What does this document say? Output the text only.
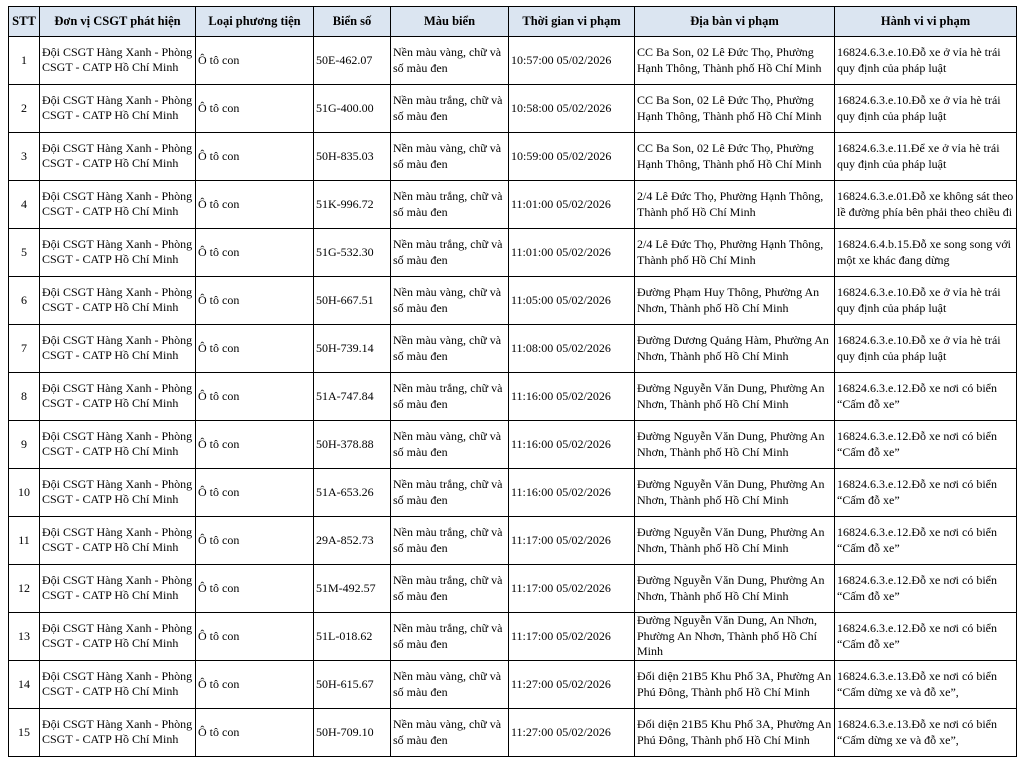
STT	Đơn vị CSGT phát hiện	Loại phương tiện	Biển số	Màu biển	Thời gian vi phạm	Địa bàn vi phạm	Hành vi vi phạm
1	Đội CSGT Hàng Xanh - Phòng CSGT - CATP Hồ Chí Minh	Ô tô con	50E-462.07	Nền màu vàng, chữ và số màu đen	10:57:00 05/02/2026	CC Ba Son, 02 Lê Đức Thọ, Phường Hạnh Thông, Thành phố Hồ Chí Minh	16824.6.3.e.10.Đỗ xe ở vỉa hè trái quy định của pháp luật
2	Đội CSGT Hàng Xanh - Phòng CSGT - CATP Hồ Chí Minh	Ô tô con	51G-400.00	Nền màu trắng, chữ và số màu đen	10:58:00 05/02/2026	CC Ba Son, 02 Lê Đức Thọ, Phường Hạnh Thông, Thành phố Hồ Chí Minh	16824.6.3.e.10.Đỗ xe ở vỉa hè trái quy định của pháp luật
3	Đội CSGT Hàng Xanh - Phòng CSGT - CATP Hồ Chí Minh	Ô tô con	50H-835.03	Nền màu vàng, chữ và số màu đen	10:59:00 05/02/2026	CC Ba Son, 02 Lê Đức Thọ, Phường Hạnh Thông, Thành phố Hồ Chí Minh	16824.6.3.e.11.Để xe ở vỉa hè trái quy định của pháp luật
4	Đội CSGT Hàng Xanh - Phòng CSGT - CATP Hồ Chí Minh	Ô tô con	51K-996.72	Nền màu trắng, chữ và số màu đen	11:01:00 05/02/2026	2/4 Lê Đức Thọ, Phường Hạnh Thông, Thành phố Hồ Chí Minh	16824.6.3.e.01.Đỗ xe không sát theo lề đường phía bên phải theo chiều đi
5	Đội CSGT Hàng Xanh - Phòng CSGT - CATP Hồ Chí Minh	Ô tô con	51G-532.30	Nền màu trắng, chữ và số màu đen	11:01:00 05/02/2026	2/4 Lê Đức Thọ, Phường Hạnh Thông, Thành phố Hồ Chí Minh	16824.6.4.b.15.Đỗ xe song song với một xe khác đang dừng
6	Đội CSGT Hàng Xanh - Phòng CSGT - CATP Hồ Chí Minh	Ô tô con	50H-667.51	Nền màu vàng, chữ và số màu đen	11:05:00 05/02/2026	Đường Phạm Huy Thông, Phường An Nhơn, Thành phố Hồ Chí Minh	16824.6.3.e.10.Đỗ xe ở vỉa hè trái quy định của pháp luật
7	Đội CSGT Hàng Xanh - Phòng CSGT - CATP Hồ Chí Minh	Ô tô con	50H-739.14	Nền màu vàng, chữ và số màu đen	11:08:00 05/02/2026	Đường Dương Quảng Hàm, Phường An Nhơn, Thành phố Hồ Chí Minh	16824.6.3.e.10.Đỗ xe ở vỉa hè trái quy định của pháp luật
8	Đội CSGT Hàng Xanh - Phòng CSGT - CATP Hồ Chí Minh	Ô tô con	51A-747.84	Nền màu trắng, chữ và số màu đen	11:16:00 05/02/2026	Đường Nguyễn Văn Dung, Phường An Nhơn, Thành phố Hồ Chí Minh	16824.6.3.e.12.Đỗ xe nơi có biển “Cấm đỗ xe”
9	Đội CSGT Hàng Xanh - Phòng CSGT - CATP Hồ Chí Minh	Ô tô con	50H-378.88	Nền màu vàng, chữ và số màu đen	11:16:00 05/02/2026	Đường Nguyễn Văn Dung, Phường An Nhơn, Thành phố Hồ Chí Minh	16824.6.3.e.12.Đỗ xe nơi có biển “Cấm đỗ xe”
10	Đội CSGT Hàng Xanh - Phòng CSGT - CATP Hồ Chí Minh	Ô tô con	51A-653.26	Nền màu trắng, chữ và số màu đen	11:16:00 05/02/2026	Đường Nguyễn Văn Dung, Phường An Nhơn, Thành phố Hồ Chí Minh	16824.6.3.e.12.Đỗ xe nơi có biển “Cấm đỗ xe”
11	Đội CSGT Hàng Xanh - Phòng CSGT - CATP Hồ Chí Minh	Ô tô con	29A-852.73	Nền màu trắng, chữ và số màu đen	11:17:00 05/02/2026	Đường Nguyễn Văn Dung, Phường An Nhơn, Thành phố Hồ Chí Minh	16824.6.3.e.12.Đỗ xe nơi có biển “Cấm đỗ xe”
12	Đội CSGT Hàng Xanh - Phòng CSGT - CATP Hồ Chí Minh	Ô tô con	51M-492.57	Nền màu trắng, chữ và số màu đen	11:17:00 05/02/2026	Đường Nguyễn Văn Dung, Phường An Nhơn, Thành phố Hồ Chí Minh	16824.6.3.e.12.Đỗ xe nơi có biển “Cấm đỗ xe”
13	Đội CSGT Hàng Xanh - Phòng CSGT - CATP Hồ Chí Minh	Ô tô con	51L-018.62	Nền màu trắng, chữ và số màu đen	11:17:00 05/02/2026	Đường Nguyễn Văn Dung, An Nhơn, Phường An Nhơn, Thành phố Hồ Chí Minh	16824.6.3.e.12.Đỗ xe nơi có biển “Cấm đỗ xe”
14	Đội CSGT Hàng Xanh - Phòng CSGT - CATP Hồ Chí Minh	Ô tô con	50H-615.67	Nền màu vàng, chữ và số màu đen	11:27:00 05/02/2026	Đối diện 21B5 Khu Phố 3A, Phường An Phú Đông, Thành phố Hồ Chí Minh	16824.6.3.e.13.Đỗ xe nơi có biển “Cấm dừng xe và đỗ xe”,
15	Đội CSGT Hàng Xanh - Phòng CSGT - CATP Hồ Chí Minh	Ô tô con	50H-709.10	Nền màu vàng, chữ và số màu đen	11:27:00 05/02/2026	Đối diện 21B5 Khu Phố 3A, Phường An Phú Đông, Thành phố Hồ Chí Minh	16824.6.3.e.13.Đỗ xe nơi có biển “Cấm dừng xe và đỗ xe”,
